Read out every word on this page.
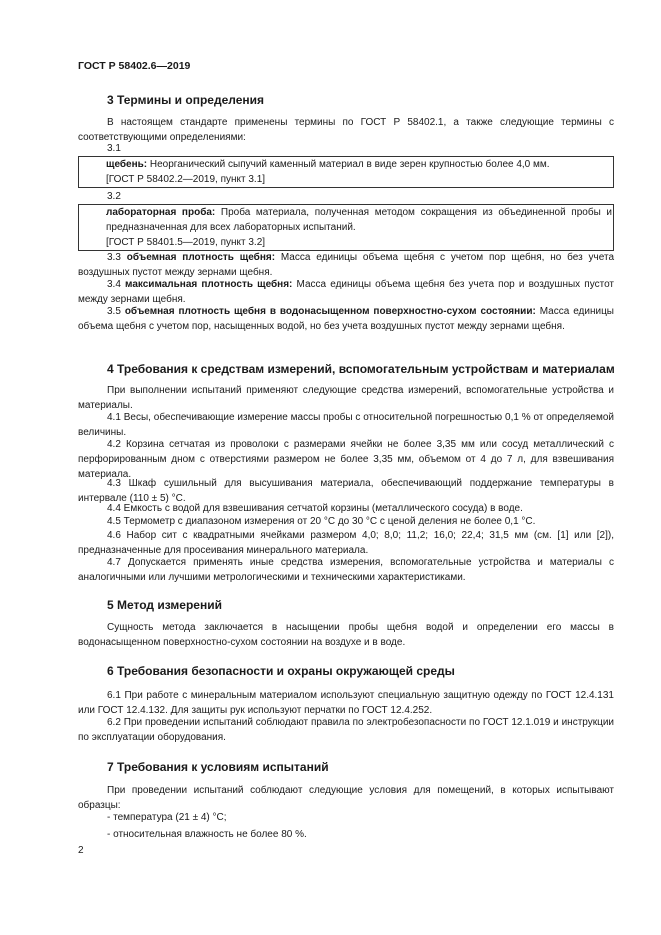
ГОСТ Р 58402.6—2019
3 Термины и определения
В настоящем стандарте применены термины по ГОСТ Р 58402.1, а также следующие термины с соответствующими определениями:
3.1
щебень: Неорганический сыпучий каменный материал в виде зерен крупностью более 4,0 мм.
[ГОСТ Р 58402.2—2019, пункт 3.1]
3.2
лабораторная проба: Проба материала, полученная методом сокращения из объединенной пробы и предназначенная для всех лабораторных испытаний.
[ГОСТ Р 58401.5—2019, пункт 3.2]
3.3 объемная плотность щебня: Масса единицы объема щебня с учетом пор щебня, но без учета воздушных пустот между зернами щебня.
3.4 максимальная плотность щебня: Масса единицы объема щебня без учета пор и воздушных пустот между зернами щебня.
3.5 объемная плотность щебня в водонасыщенном поверхностно-сухом состоянии: Масса единицы объема щебня с учетом пор, насыщенных водой, но без учета воздушных пустот между зернами щебня.
4 Требования к средствам измерений, вспомогательным устройствам и материалам
При выполнении испытаний применяют следующие средства измерений, вспомогательные устройства и материалы.
4.1 Весы, обеспечивающие измерение массы пробы с относительной погрешностью 0,1 % от определяемой величины.
4.2 Корзина сетчатая из проволоки с размерами ячейки не более 3,35 мм или сосуд металлический с перфорированным дном с отверстиями размером не более 3,35 мм, объемом от 4 до 7 л, для взвешивания материала.
4.3 Шкаф сушильный для высушивания материала, обеспечивающий поддержание температуры в интервале (110 ± 5) °С.
4.4 Емкость с водой для взвешивания сетчатой корзины (металлического сосуда) в воде.
4.5 Термометр с диапазоном измерения от 20 °С до 30 °С с ценой деления не более 0,1 °С.
4.6 Набор сит с квадратными ячейками размером 4,0; 8,0; 11,2; 16,0; 22,4; 31,5 мм (см. [1] или [2]), предназначенные для просеивания минерального материала.
4.7 Допускается применять иные средства измерения, вспомогательные устройства и материалы с аналогичными или лучшими метрологическими и техническими характеристиками.
5 Метод измерений
Сущность метода заключается в насыщении пробы щебня водой и определении его массы в водонасыщенном поверхностно-сухом состоянии на воздухе и в воде.
6 Требования безопасности и охраны окружающей среды
6.1 При работе с минеральным материалом используют специальную защитную одежду по ГОСТ 12.4.131 или ГОСТ 12.4.132. Для защиты рук используют перчатки по ГОСТ 12.4.252.
6.2 При проведении испытаний соблюдают правила по электробезопасности по ГОСТ 12.1.019 и инструкции по эксплуатации оборудования.
7 Требования к условиям испытаний
При проведении испытаний соблюдают следующие условия для помещений, в которых испытывают образцы:
- температура (21 ± 4) °С;
- относительная влажность не более 80 %.
2
